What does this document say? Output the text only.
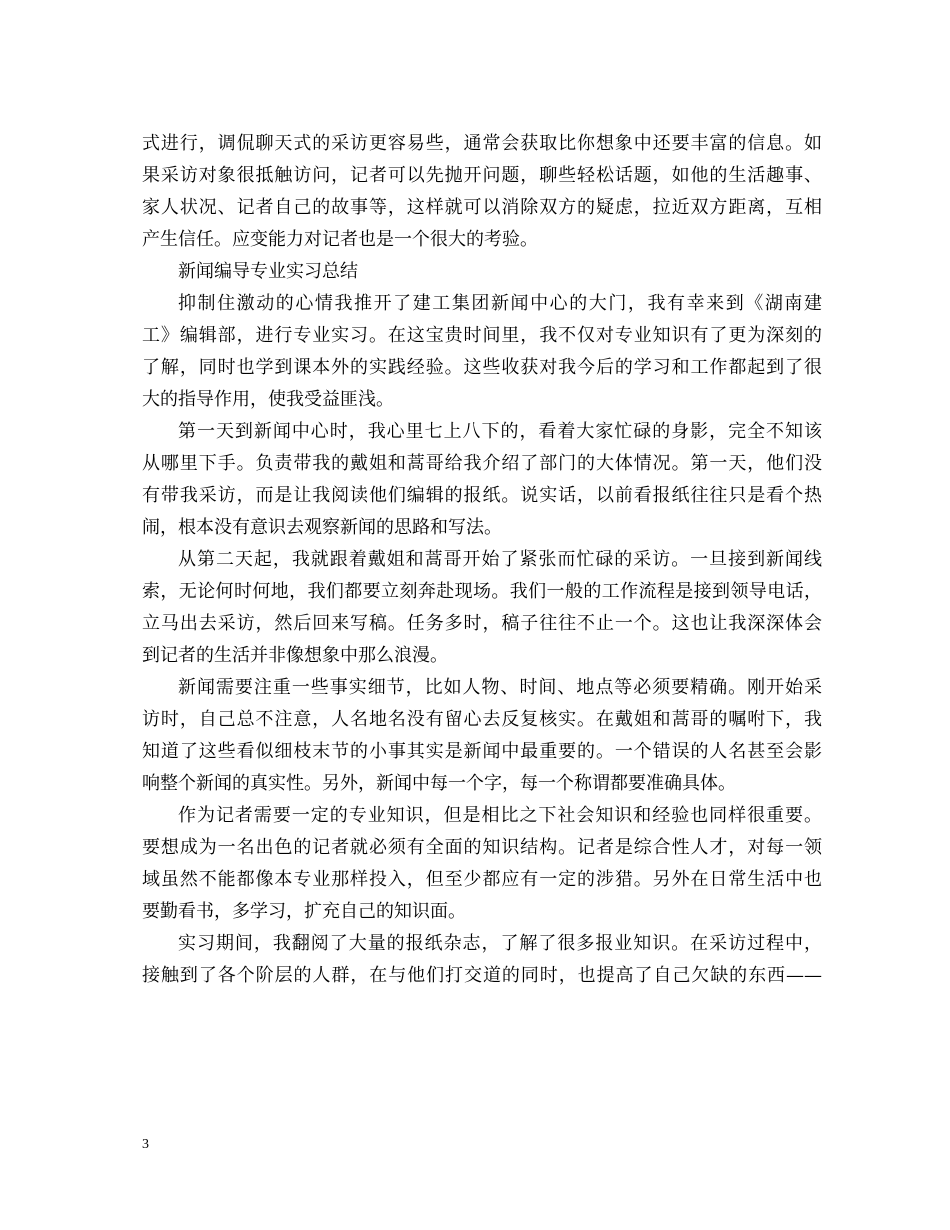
式进行，调侃聊天式的采访更容易些，通常会获取比你想象中还要丰富的信息。如
果采访对象很抵触访问，记者可以先抛开问题，聊些轻松话题，如他的生活趣事、
家人状况、记者自己的故事等，这样就可以消除双方的疑虑，拉近双方距离，互相
产生信任。应变能力对记者也是一个很大的考验。
新闻编导专业实习总结
抑制住激动的心情我推开了建工集团新闻中心的大门，我有幸来到《湖南建
工》编辑部，进行专业实习。在这宝贵时间里，我不仅对专业知识有了更为深刻的
了解，同时也学到课本外的实践经验。这些收获对我今后的学习和工作都起到了很
大的指导作用，使我受益匪浅。
第一天到新闻中心时，我心里七上八下的，看着大家忙碌的身影，完全不知该
从哪里下手。负责带我的戴姐和蒿哥给我介绍了部门的大体情况。第一天，他们没
有带我采访，而是让我阅读他们编辑的报纸。说实话，以前看报纸往往只是看个热
闹，根本没有意识去观察新闻的思路和写法。
从第二天起，我就跟着戴姐和蒿哥开始了紧张而忙碌的采访。一旦接到新闻线
索，无论何时何地，我们都要立刻奔赴现场。我们一般的工作流程是接到领导电话，
立马出去采访，然后回来写稿。任务多时，稿子往往不止一个。这也让我深深体会
到记者的生活并非像想象中那么浪漫。
新闻需要注重一些事实细节，比如人物、时间、地点等必须要精确。刚开始采
访时，自己总不注意，人名地名没有留心去反复核实。在戴姐和蒿哥的嘱咐下，我
知道了这些看似细枝末节的小事其实是新闻中最重要的。一个错误的人名甚至会影
响整个新闻的真实性。另外，新闻中每一个字，每一个称谓都要准确具体。
作为记者需要一定的专业知识，但是相比之下社会知识和经验也同样很重要。
要想成为一名出色的记者就必须有全面的知识结构。记者是综合性人才，对每一领
域虽然不能都像本专业那样投入，但至少都应有一定的涉猎。另外在日常生活中也
要勤看书，多学习，扩充自己的知识面。
实习期间，我翻阅了大量的报纸杂志，了解了很多报业知识。在采访过程中，
接触到了各个阶层的人群，在与他们打交道的同时，也提高了自己欠缺的东西——
3
